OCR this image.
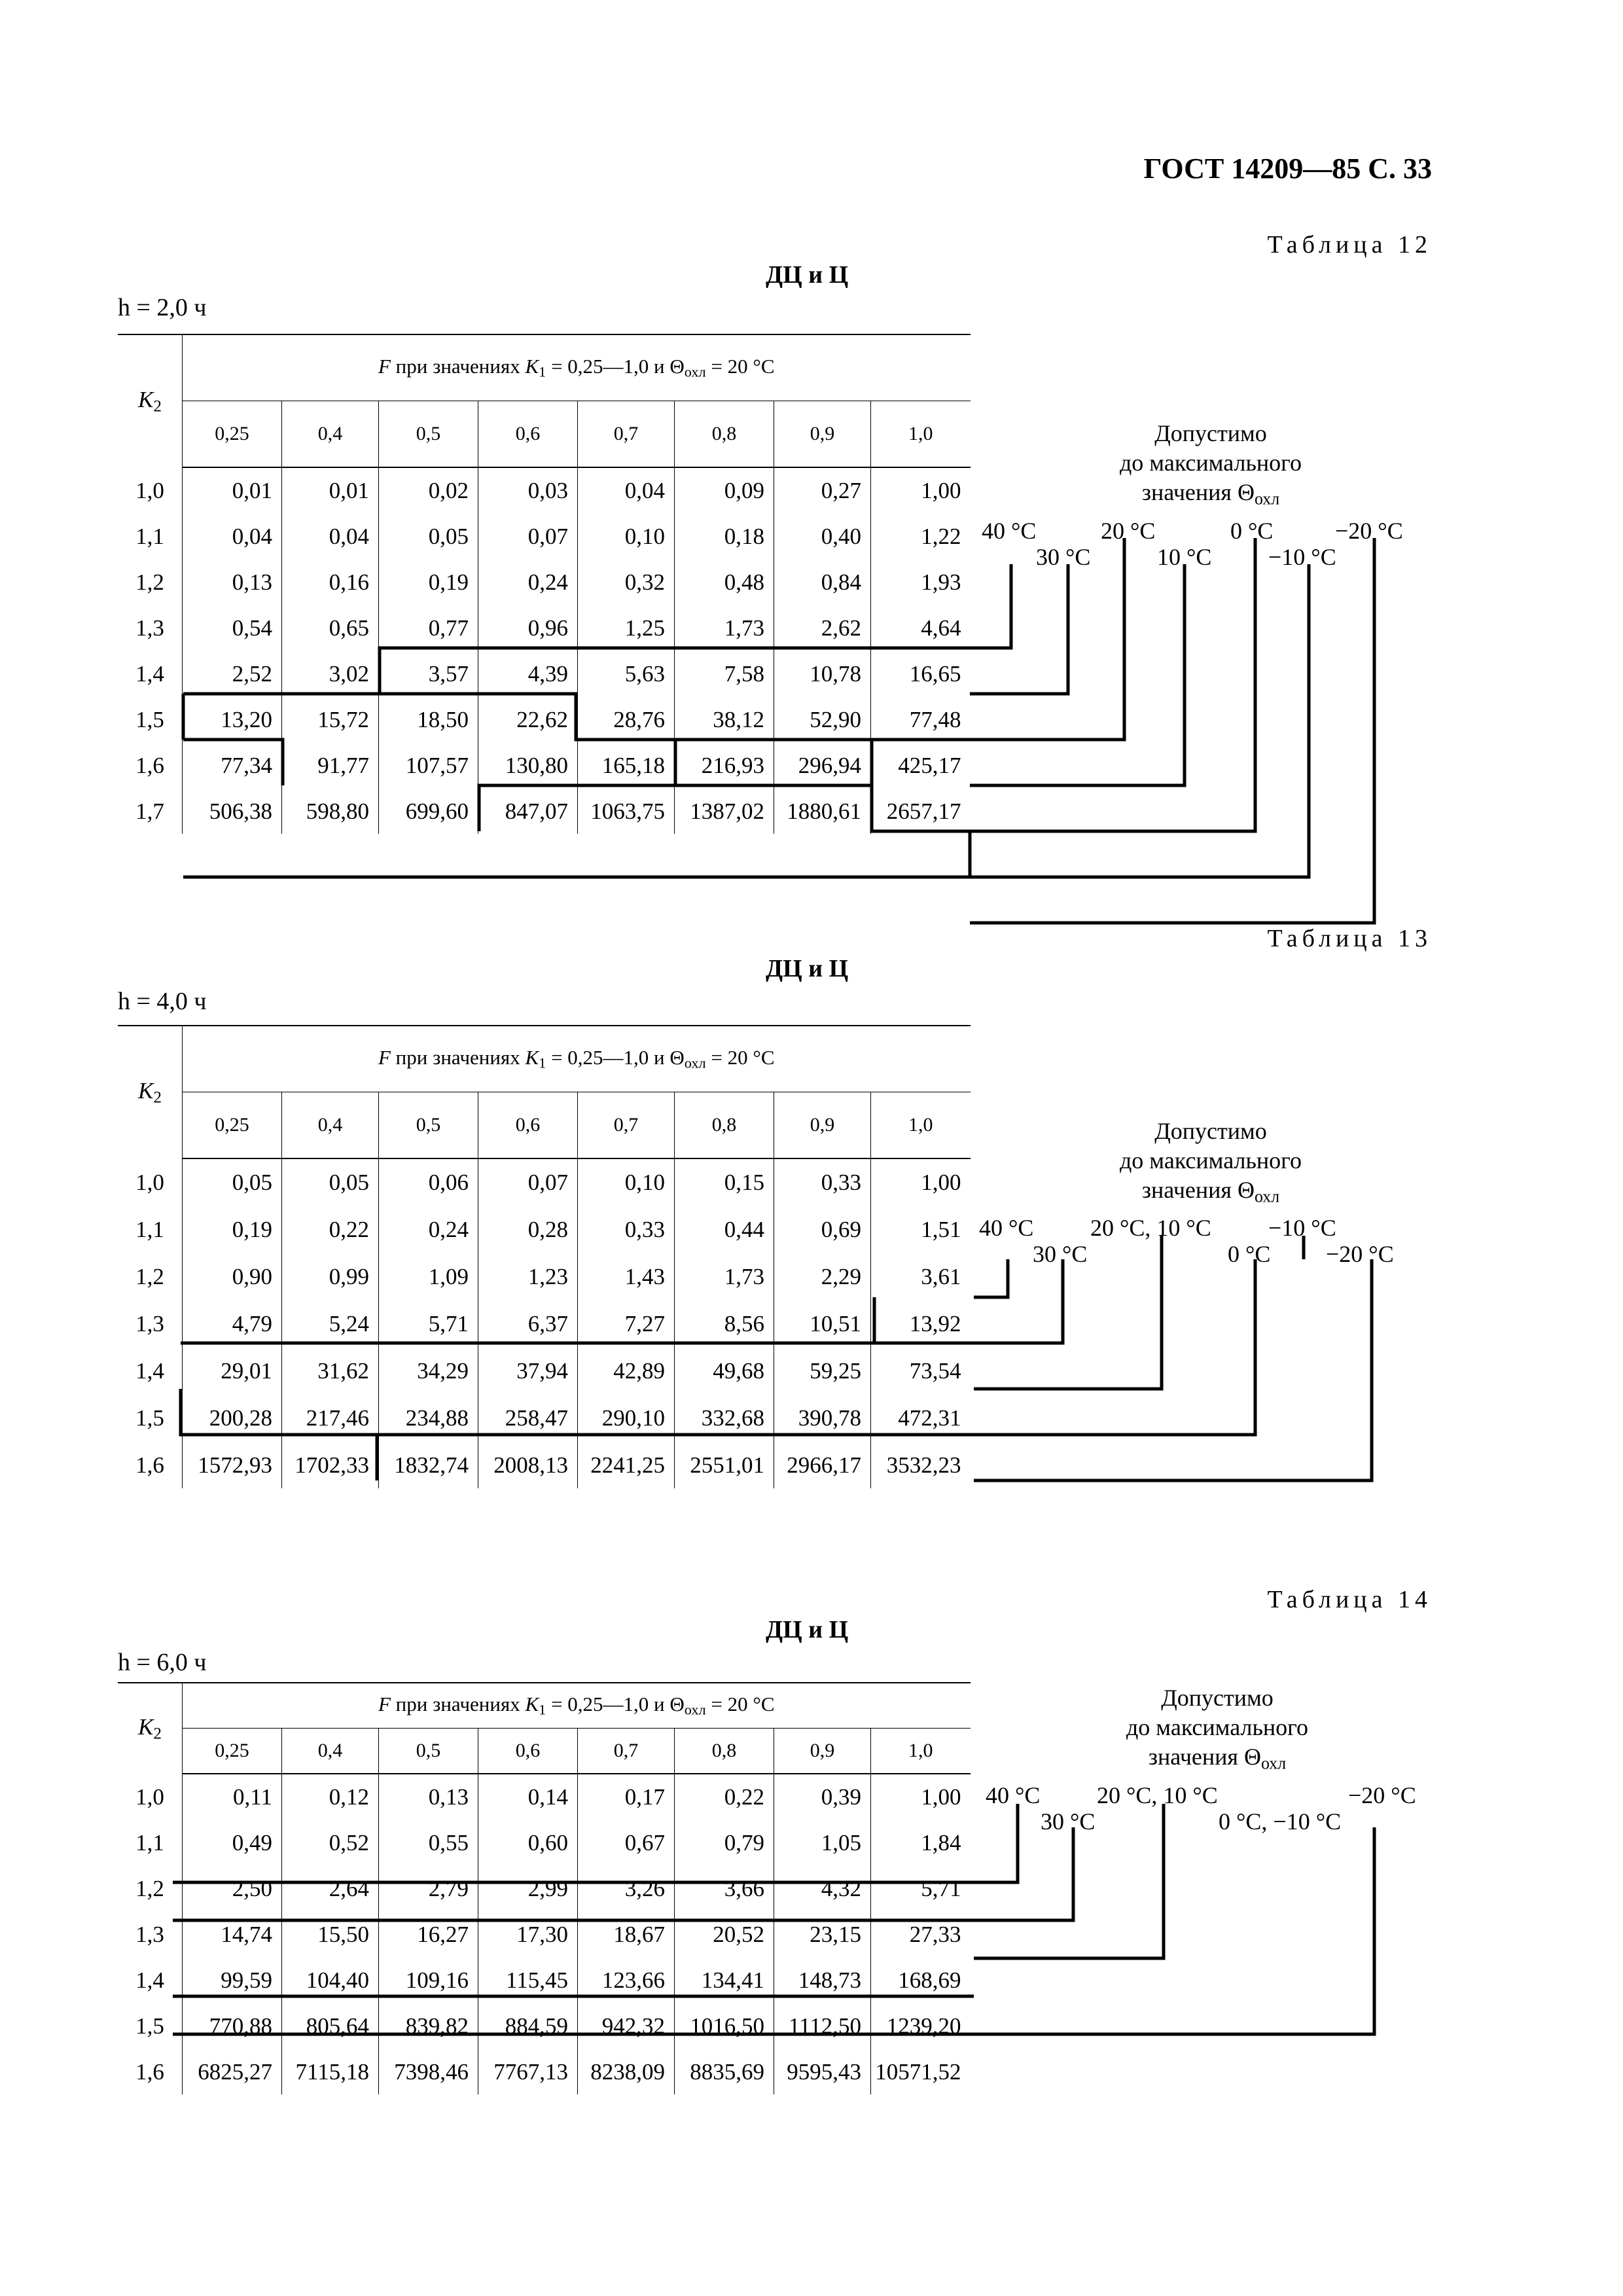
ГОСТ 14209—85 С. 33
Таблица 12
ДЦ и Ц
h = 2,0 ч
Таблица 13
ДЦ и Ц
h = 4,0 ч
Таблица 14
ДЦ и Ц
h = 6,0 ч
$K_2$	F при значениях $K_1$ = 0,25—1,0 и $\Theta_{охл} = 20$ °С							
	0,25	0,4	0,5	0,6	0,7	0,8	0,9	1,0
1,0	0,01	0,01	0,02	0,03	0,04	0,09	0,27	1,00
1,1	0,04	0,04	0,05	0,07	0,10	0,18	0,40	1,22
1,2	0,13	0,16	0,19	0,24	0,32	0,48	0,84	1,93
1,3	0,54	0,65	0,77	0,96	1,25	1,73	2,62	4,64
1,4	2,52	3,02	3,57	4,39	5,63	7,58	10,78	16,65
1,5	13,20	15,72	18,50	22,62	28,76	38,12	52,90	77,48
1,6	77,34	91,77	107,57	130,80	165,18	216,93	296,94	425,17
1,7	506,38	598,80	699,60	847,07	1063,75	1387,02	1880,61	2657,17
$K_2$	F при значениях $K_1$ = 0,25—1,0 и $\Theta_{охл} = 20$ °С							
	0,25	0,4	0,5	0,6	0,7	0,8	0,9	1,0
1,0	0,05	0,05	0,06	0,07	0,10	0,15	0,33	1,00
1,1	0,19	0,22	0,24	0,28	0,33	0,44	0,69	1,51
1,2	0,90	0,99	1,09	1,23	1,43	1,73	2,29	3,61
1,3	4,79	5,24	5,71	6,37	7,27	8,56	10,51	13,92
1,4	29,01	31,62	34,29	37,94	42,89	49,68	59,25	73,54
1,5	200,28	217,46	234,88	258,47	290,10	332,68	390,78	472,31
1,6	1572,93	1702,33	1832,74	2008,13	2241,25	2551,01	2966,17	3532,23
$K_2$	F при значениях $K_1$ = 0,25—1,0 и $\Theta_{охл} = 20$ °С							
	0,25	0,4	0,5	0,6	0,7	0,8	0,9	1,0
1,0	0,11	0,12	0,13	0,14	0,17	0,22	0,39	1,00
1,1	0,49	0,52	0,55	0,60	0,67	0,79	1,05	1,84
1,2	2,50	2,64	2,79	2,99	3,26	3,66	4,32	5,71
1,3	14,74	15,50	16,27	17,30	18,67	20,52	23,15	27,33
1,4	99,59	104,40	109,16	115,45	123,66	134,41	148,73	168,69
1,5	770,88	805,64	839,82	884,59	942,32	1016,50	1112,50	1239,20
1,6	6825,27	7115,18	7398,46	7767,13	8238,09	8835,69	9595,43	10571,52
Допустимо
до максимального
значения $\Theta_{охл}$
Допустимо
до максимального
значения $\Theta_{охл}$
Допустимо
до максимального
значения $\Theta_{охл}$
40 °С	20 °С	0 °С	−20 °С
30 °С	10 °С −10 °С
40 °С 20 °С, 10 °С −10 °С
30 °С	0 °С −20 °С
40 °С 20 °С, 10 °С	−20 °С
30 °С	0 °С, −10 °С
